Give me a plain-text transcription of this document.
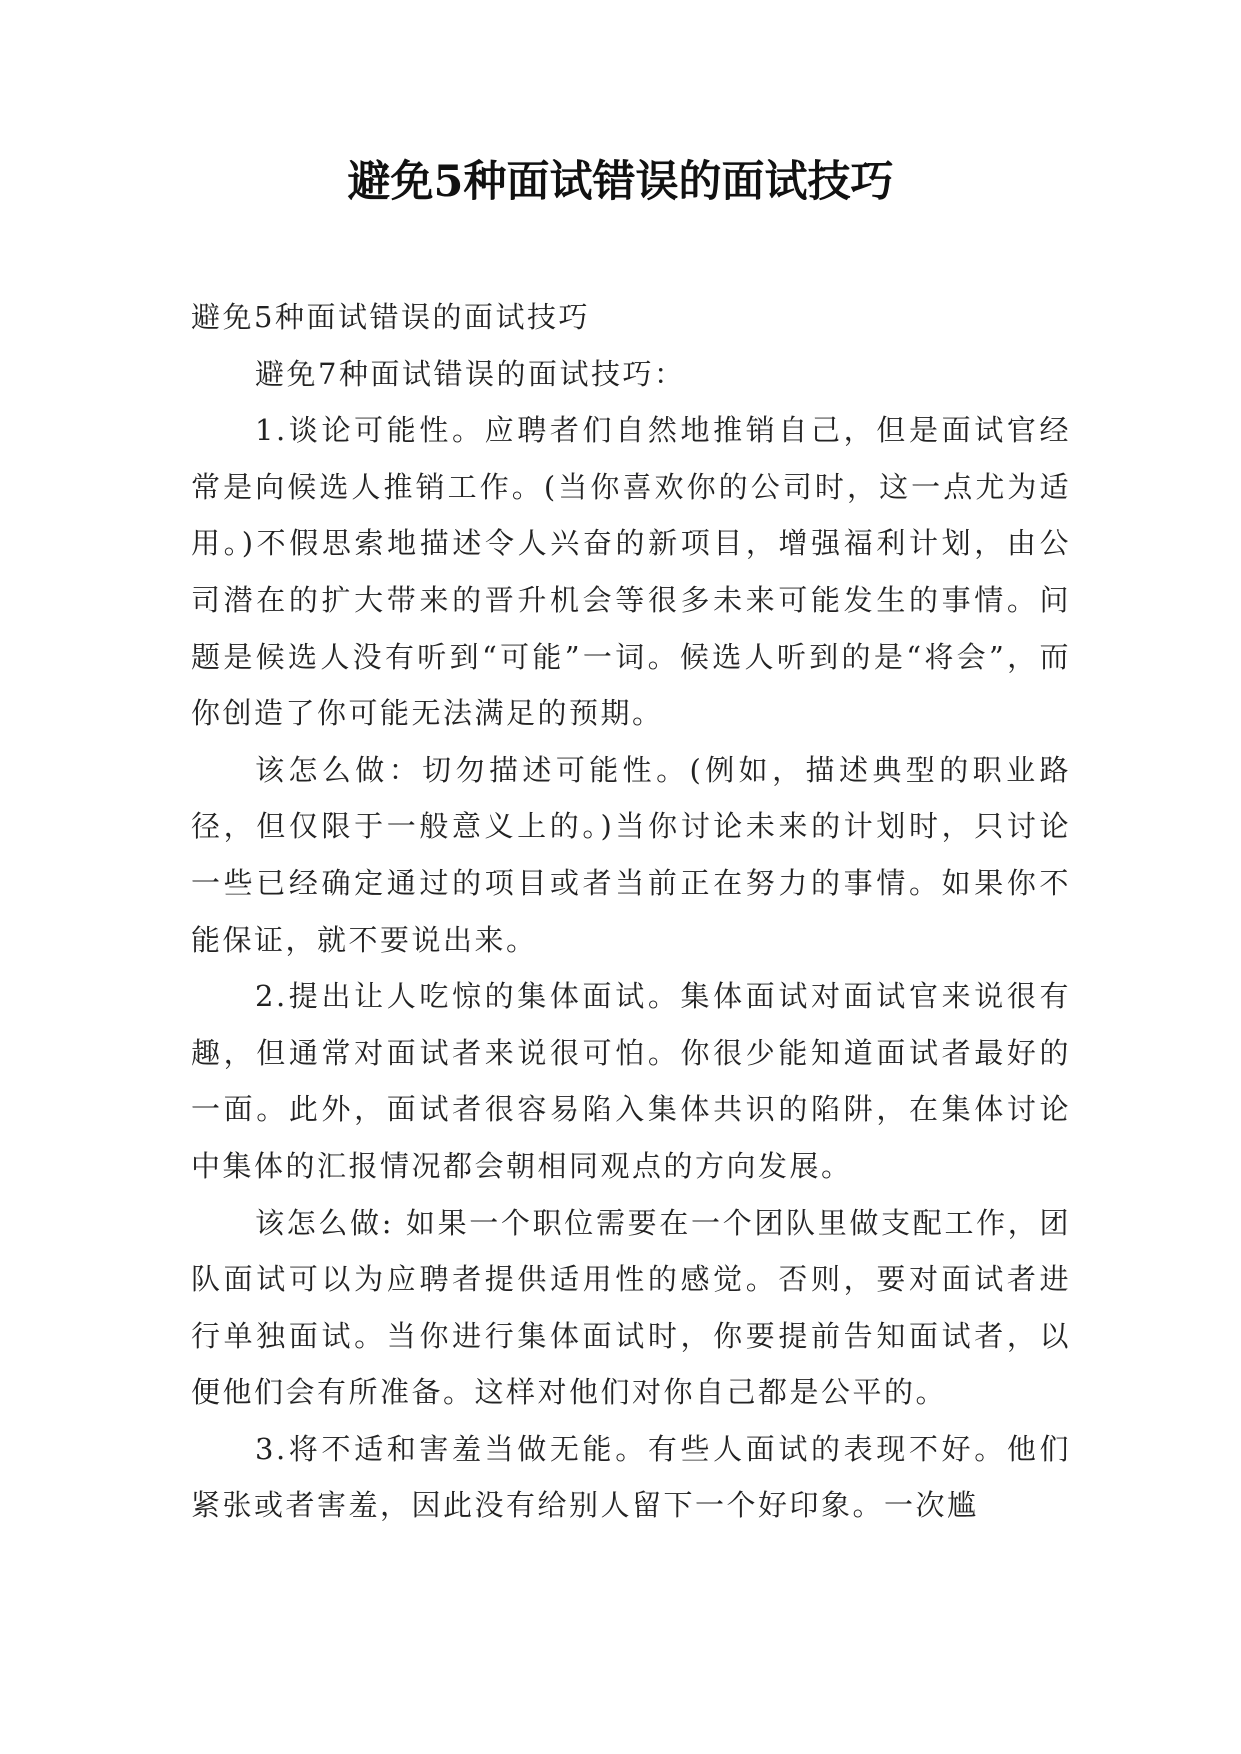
避免5种面试错误的面试技巧

避免5种面试错误的面试技巧

避免7种面试错误的面试技巧：

1.谈论可能性。应聘者们自然地推销自己，但是面试官经常是向候选人推销工作。(当你喜欢你的公司时，这一点尤为适用。)不假思索地描述令人兴奋的新项目，增强福利计划，由公司潜在的扩大带来的晋升机会等很多未来可能发生的事情。问题是候选人没有听到“可能”一词。候选人听到的是“将会”，而你创造了你可能无法满足的预期。

该怎么做：切勿描述可能性。(例如，描述典型的职业路径，但仅限于一般意义上的。)当你讨论未来的计划时，只讨论一些已经确定通过的项目或者当前正在努力的事情。如果你不能保证，就不要说出来。

2.提出让人吃惊的集体面试。集体面试对面试官来说很有趣，但通常对面试者来说很可怕。你很少能知道面试者最好的一面。此外，面试者很容易陷入集体共识的陷阱，在集体讨论中集体的汇报情况都会朝相同观点的方向发展。

该怎么做: 如果一个职位需要在一个团队里做支配工作，团队面试可以为应聘者提供适用性的感觉。否则，要对面试者进行单独面试。当你进行集体面试时，你要提前告知面试者，以便他们会有所准备。这样对他们对你自己都是公平的。

3.将不适和害羞当做无能。有些人面试的表现不好。他们紧张或者害羞，因此没有给别人留下一个好印象。一次尴
